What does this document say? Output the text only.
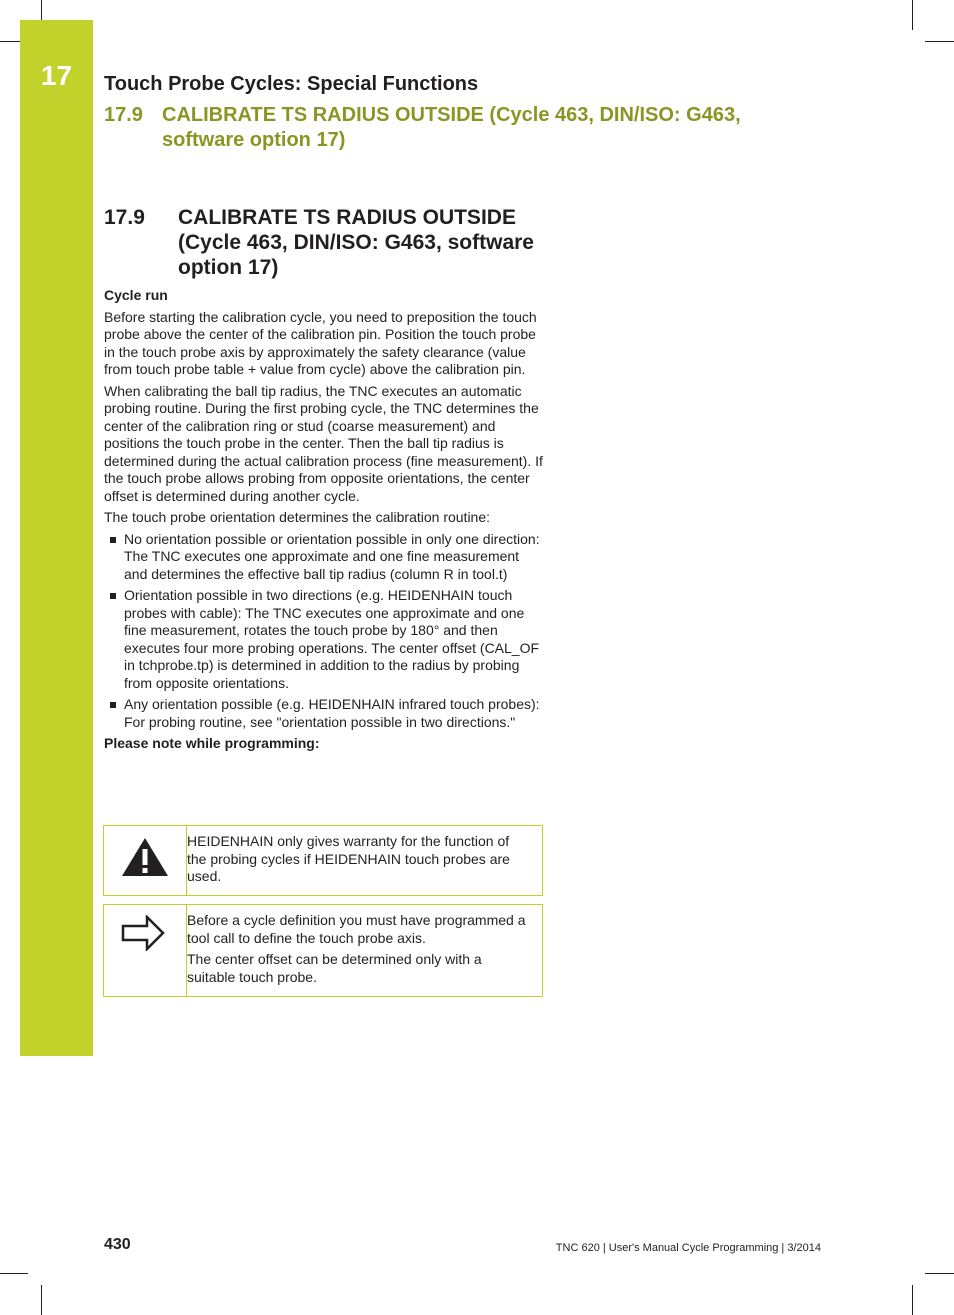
17	Touch Probe Cycles: Special Functions
17.9 CALIBRATE TS RADIUS OUTSIDE (Cycle 463, DIN/ISO: G463, software option 17)
17.9 CALIBRATE TS RADIUS OUTSIDE (Cycle 463, DIN/ISO: G463, software option 17)

Cycle run

Before starting the calibration cycle, you need to preposition the touch probe above the center of the calibration pin. Position the touch probe in the touch probe axis by approximately the safety clearance (value from touch probe table + value from cycle) above the calibration pin.

When calibrating the ball tip radius, the TNC executes an automatic probing routine. During the first probing cycle, the TNC determines the center of the calibration ring or stud (coarse measurement) and positions the touch probe in the center. Then the ball tip radius is determined during the actual calibration process (fine measurement). If the touch probe allows probing from opposite orientations, the center offset is determined during another cycle.

The touch probe orientation determines the calibration routine:

No orientation possible or orientation possible in only one direction: The TNC executes one approximate and one fine measurement and determines the effective ball tip radius (column R in tool.t)
Orientation possible in two directions (e.g. HEIDENHAIN touch probes with cable): The TNC executes one approximate and one fine measurement, rotates the touch probe by 180° and then executes four more probing operations. The center offset (CAL_OF in tchprobe.tp) is determined in addition to the radius by probing from opposite orientations.
Any orientation possible (e.g. HEIDENHAIN infrared touch probes): For probing routine, see "orientation possible in two directions."

Please note while programming:

HEIDENHAIN only gives warranty for the function of the probing cycles if HEIDENHAIN touch probes are used.

Before a cycle definition you must have programmed a tool call to define the touch probe axis.

The center offset can be determined only with a suitable touch probe.

430	TNC 620 | User's Manual Cycle Programming | 3/2014
